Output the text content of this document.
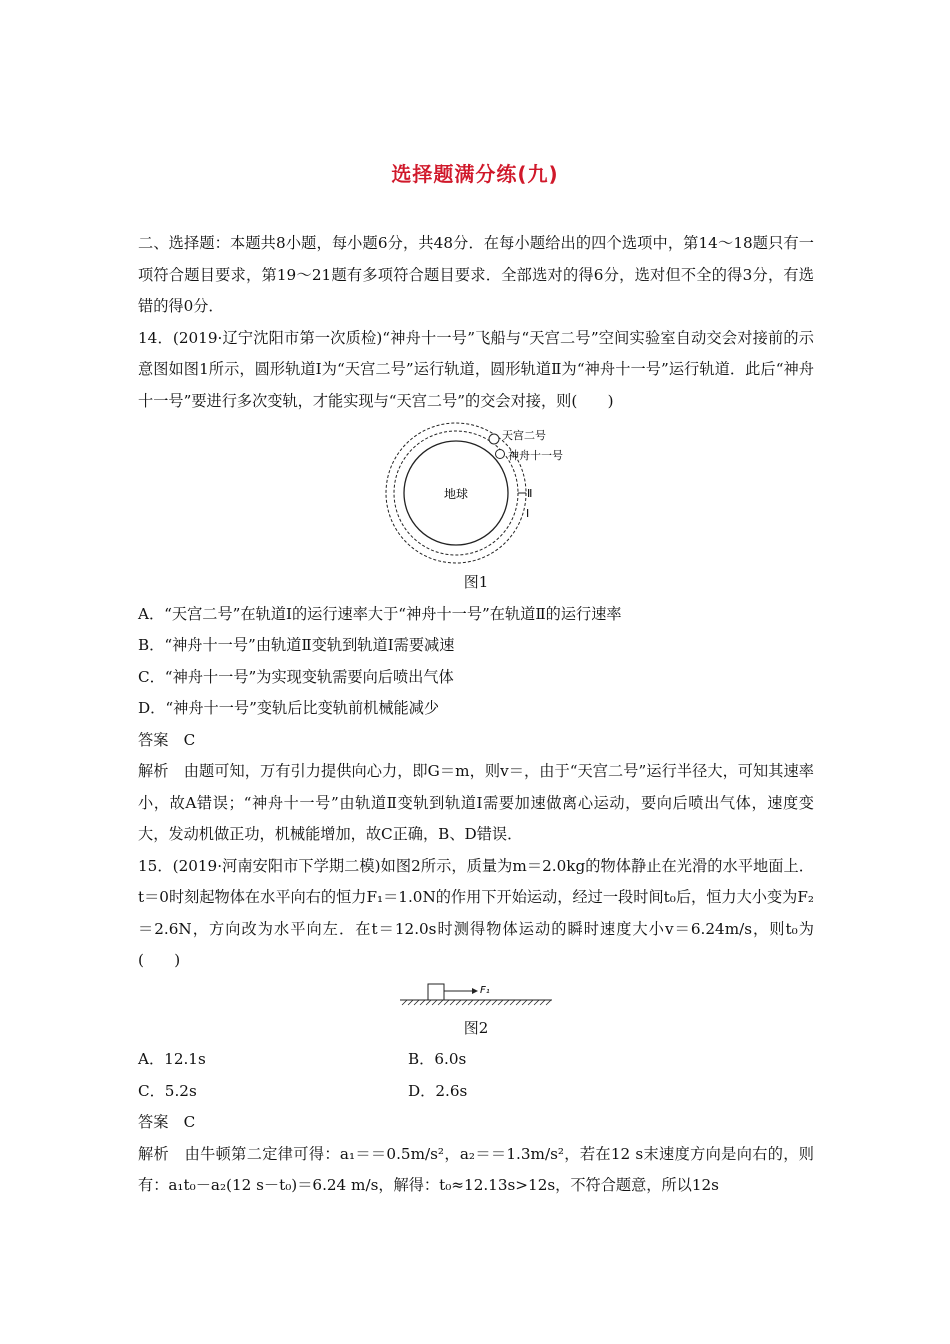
选择题满分练(九)

二、选择题：本题共8小题，每小题6分，共48分．在每小题给出的四个选项中，第14～18题只有一项符合题目要求，第19～21题有多项符合题目要求．全部选对的得6分，选对但不全的得3分，有选错的得0分．

14．(2019·辽宁沈阳市第一次质检)“神舟十一号”飞船与“天宫二号”空间实验室自动交会对接前的示意图如图1所示，圆形轨道Ⅰ为“天宫二号”运行轨道，圆形轨道Ⅱ为“神舟十一号”运行轨道．此后“神舟十一号”要进行多次变轨，才能实现与“天宫二号”的交会对接，则(　　)

地球
天宫二号
神舟十一号
Ⅱ
Ⅰ

图1

A．“天宫二号”在轨道Ⅰ的运行速率大于“神舟十一号”在轨道Ⅱ的运行速率

B．“神舟十一号”由轨道Ⅱ变轨到轨道Ⅰ需要减速

C．“神舟十一号”为实现变轨需要向后喷出气体

D．“神舟十一号”变轨后比变轨前机械能减少

答案　C

解析　由题可知，万有引力提供向心力，即G＝m，则v＝，由于“天宫二号”运行半径大，可知其速率小，故A错误；“神舟十一号”由轨道Ⅱ变轨到轨道Ⅰ需要加速做离心运动，要向后喷出气体，速度变大，发动机做正功，机械能增加，故C正确，B、D错误．

15．(2019·河南安阳市下学期二模)如图2所示，质量为m＝2.0kg的物体静止在光滑的水平地面上．t＝0时刻起物体在水平向右的恒力F₁＝1.0N的作用下开始运动，经过一段时间t₀后，恒力大小变为F₂＝2.6N，方向改为水平向左．在t＝12.0s时测得物体运动的瞬时速度大小v＝6.24m/s，则t₀为(　　)

F₁

图2

A．12.1s	B．6.0s
C．5.2s	D．2.6s

答案　C

解析　由牛顿第二定律可得：a₁＝＝0.5m/s²，a₂＝＝1.3m/s²，若在12 s末速度方向是向右的，则有：a₁t₀－a₂(12 s－t₀)＝6.24 m/s，解得：t₀≈12.13s>12s，不符合题意，所以12s
